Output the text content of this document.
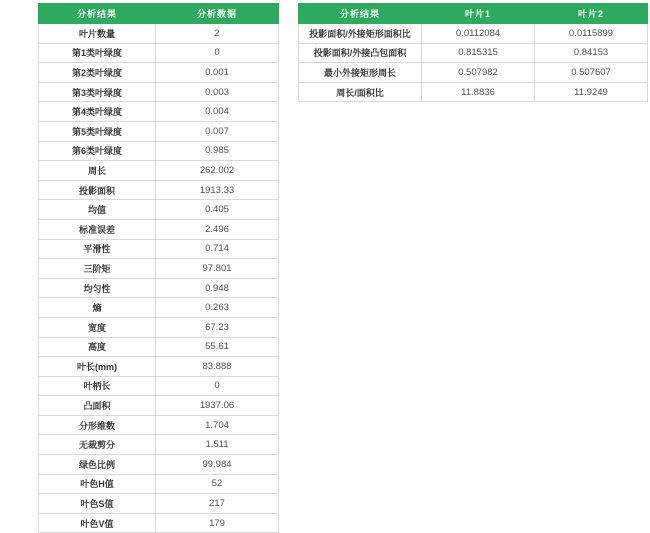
分析结果	分析数据
叶片数量	2
第1类叶绿度	0
第2类叶绿度	0.001
第3类叶绿度	0.003
第4类叶绿度	0.004
第5类叶绿度	0.007
第6类叶绿度	0.985
周长	262.002
投影面积	1913.33
均值	0.405
标准误差	2.496
平滑性	0.714
三阶矩	97.801
均匀性	0.948
熵	0.263
宽度	67.23
高度	55.61
叶长(mm)	83.888
叶柄长	0
凸面积	1937.06
分形维数	1.704
无裁剪分	1.511
绿色比例	99.984
叶色H值	52
叶色S值	217
叶色V值	179
分析结果	叶片1	叶片2
投影面积/外接矩形面积比	0.0112084	0.0115899
投影面积/外接凸包面积	0.815315	0.84153
最小外接矩形周长	0.507982	0.507607
周长/面积比	11.8836	11.9249
